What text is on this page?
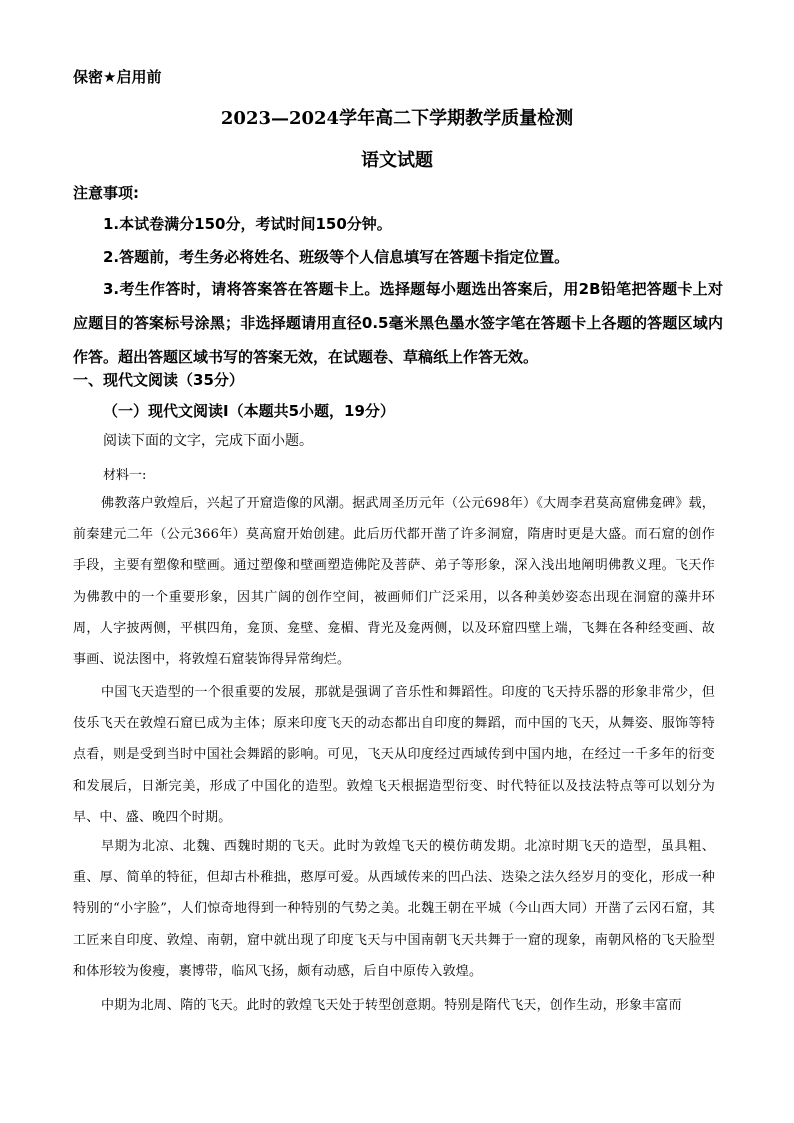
保密★启用前
2023—2024学年高二下学期教学质量检测
语文试题
注意事项:
1.本试卷满分150分，考试时间150分钟。
2.答题前，考生务必将姓名、班级等个人信息填写在答题卡指定位置。
3.考生作答时，请将答案答在答题卡上。选择题每小题选出答案后，用2B铅笔把答题卡上对应题目的答案标号涂黑；非选择题请用直径0.5毫米黑色墨水签字笔在答题卡上各题的答题区域内作答。超出答题区域书写的答案无效，在试题卷、草稿纸上作答无效。
一、现代文阅读（35分）
（一）现代文阅读I（本题共5小题，19分）
阅读下面的文字，完成下面小题。
材料一:
佛教落户敦煌后，兴起了开窟造像的风潮。据武周圣历元年（公元698年）《大周李君莫高窟佛龛碑》载，前秦建元二年（公元366年）莫高窟开始创建。此后历代都开凿了许多洞窟，隋唐时更是大盛。而石窟的创作手段，主要有塑像和壁画。通过塑像和壁画塑造佛陀及菩萨、弟子等形象，深入浅出地阐明佛教义理。飞天作为佛教中的一个重要形象，因其广阔的创作空间，被画师们广泛采用，以各种美妙姿态出现在洞窟的藻井环周，人字披两侧，平棋四角，龛顶、龛壁、龛楣、背光及龛两侧，以及环窟四壁上端，飞舞在各种经变画、故事画、说法图中，将敦煌石窟装饰得异常绚烂。
中国飞天造型的一个很重要的发展，那就是强调了音乐性和舞蹈性。印度的飞天持乐器的形象非常少，但伎乐飞天在敦煌石窟已成为主体；原来印度飞天的动态都出自印度的舞蹈，而中国的飞天，从舞姿、服饰等特点看，则是受到当时中国社会舞蹈的影响。可见，飞天从印度经过西域传到中国内地，在经过一千多年的衍变和发展后，日渐完美，形成了中国化的造型。敦煌飞天根据造型衍变、时代特征以及技法特点等可以划分为早、中、盛、晚四个时期。
早期为北凉、北魏、西魏时期的飞天。此时为敦煌飞天的模仿萌发期。北凉时期飞天的造型，虽具粗、重、厚、简单的特征，但却古朴稚拙，憨厚可爱。从西域传来的凹凸法、迭染之法久经岁月的变化，形成一种特别的“小字脸”，人们惊奇地得到一种特别的气势之美。北魏王朝在平城（今山西大同）开凿了云冈石窟，其工匠来自印度、敦煌、南朝，窟中就出现了印度飞天与中国南朝飞天共舞于一窟的现象，南朝风格的飞天脸型和体形较为俊瘦，裹博带，临风飞扬，颇有动感，后自中原传入敦煌。
中期为北周、隋的飞天。此时的敦煌飞天处于转型创意期。特别是隋代飞天，创作生动，形象丰富而
